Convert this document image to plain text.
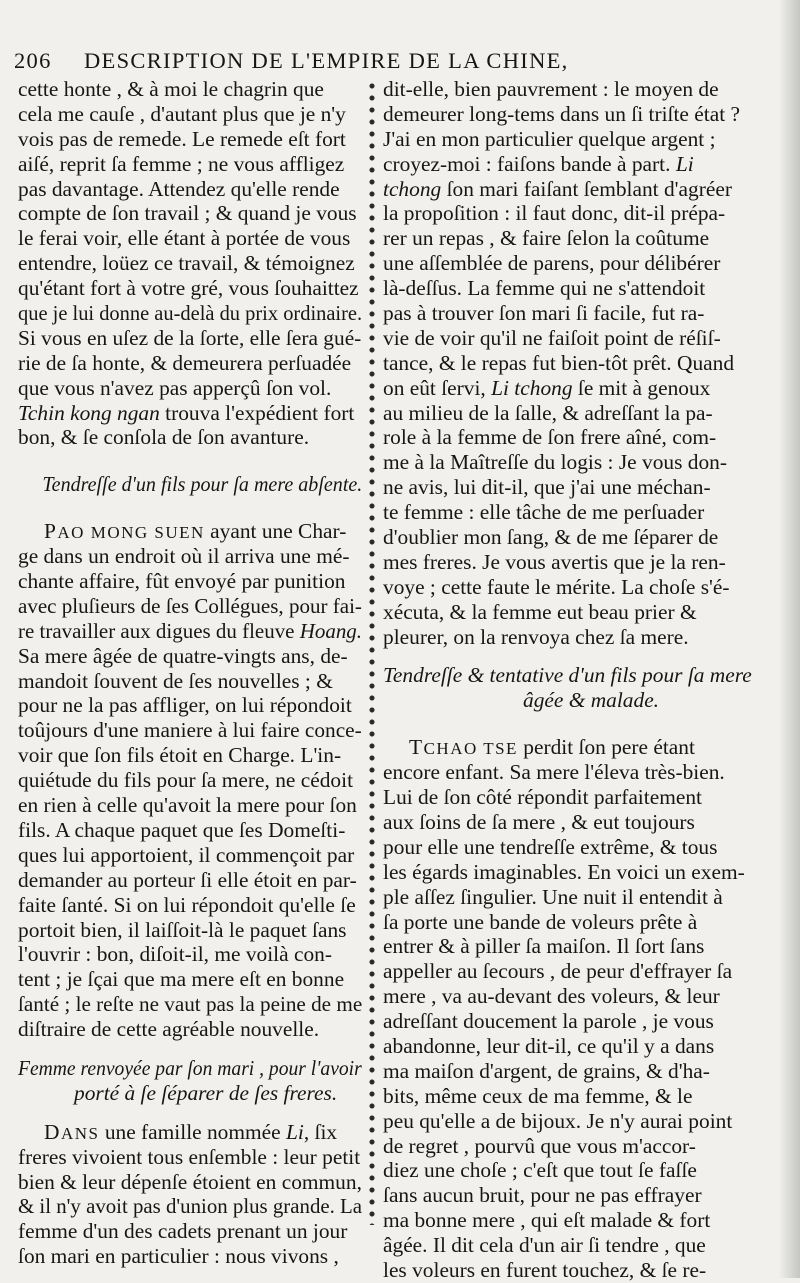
206 DESCRIPTION DE L'EMPIRE DE LA CHINE,
cette honte , & à moi le chagrin que
cela me cauſe , d'autant plus que je n'y
vois pas de remede. Le remede eſt fort
aiſé, reprit ſa femme ; ne vous affligez
pas davantage. Attendez qu'elle rende
compte de ſon travail ; & quand je vous
le ferai voir, elle étant à portée de vous
entendre, loüez ce travail, & témoignez
qu'étant fort à votre gré, vous ſouhaittez
que je lui donne au-delà du prix ordinaire.
Si vous en uſez de la ſorte, elle ſera gué-
rie de ſa honte, & demeurera perſuadée
que vous n'avez pas apperçû ſon vol.
Tchin kong ngan trouva l'expédient fort
bon, & ſe conſola de ſon avanture.
Tendreſſe d'un fils pour ſa mere abſente.
PAO MONG SUEN ayant une Char-
ge dans un endroit où il arriva une mé-
chante affaire, fût envoyé par punition
avec pluſieurs de ſes Collégues, pour fai-
re travailler aux digues du fleuve Hoang.
Sa mere âgée de quatre-vingts ans, de-
mandoit ſouvent de ſes nouvelles ; &
pour ne la pas affliger, on lui répondoit
toûjours d'une maniere à lui faire conce-
voir que ſon fils étoit en Charge. L'in-
quiétude du fils pour ſa mere, ne cédoit
en rien à celle qu'avoit la mere pour ſon
fils. A chaque paquet que ſes Domeſti-
ques lui apportoient, il commençoit par
demander au porteur ſi elle étoit en par-
faite ſanté. Si on lui répondoit qu'elle ſe
portoit bien, il laiſſoit-là le paquet ſans
l'ouvrir : bon, diſoit-il, me voilà con-
tent ; je ſçai que ma mere eſt en bonne
ſanté ; le reſte ne vaut pas la peine de me
diſtraire de cette agréable nouvelle.
Femme renvoyée par ſon mari , pour l'avoir
porté à ſe ſéparer de ſes freres.
DANS une famille nommée Li, ſix
freres vivoient tous enſemble : leur petit
bien & leur dépenſe étoient en commun,
& il n'y avoit pas d'union plus grande. La
femme d'un des cadets prenant un jour
ſon mari en particulier : nous vivons ,
dit-elle, bien pauvrement : le moyen de
demeurer long-tems dans un ſi triſte état ?
J'ai en mon particulier quelque argent ;
croyez-moi : faiſons bande à part. Li
tchong ſon mari faiſant ſemblant d'agréer
la propoſition : il faut donc, dit-il prépa-
rer un repas , & faire ſelon la coûtume
une aſſemblée de parens, pour délibérer
là-deſſus. La femme qui ne s'attendoit
pas à trouver ſon mari ſi facile, fut ra-
vie de voir qu'il ne faiſoit point de réſiſ-
tance, & le repas fut bien-tôt prêt. Quand
on eût ſervi, Li tchong ſe mit à genoux
au milieu de la ſalle, & adreſſant la pa-
role à la femme de ſon frere aîné, com-
me à la Maîtreſſe du logis : Je vous don-
ne avis, lui dit-il, que j'ai une méchan-
te femme : elle tâche de me perſuader
d'oublier mon ſang, & de me ſéparer de
mes freres. Je vous avertis que je la ren-
voye ; cette faute le mérite. La choſe s'é-
xécuta, & la femme eut beau prier &
pleurer, on la renvoya chez ſa mere.
Tendreſſe & tentative d'un fils pour ſa mere
âgée & malade.
TCHAO TSE perdit ſon pere étant
encore enfant. Sa mere l'éleva très-bien.
Lui de ſon côté répondit parfaitement
aux ſoins de ſa mere , & eut toujours
pour elle une tendreſſe extrême, & tous
les égards imaginables. En voici un exem-
ple aſſez ſingulier. Une nuit il entendit à
ſa porte une bande de voleurs prête à
entrer & à piller ſa maiſon. Il ſort ſans
appeller au ſecours , de peur d'effrayer ſa
mere , va au-devant des voleurs, & leur
adreſſant doucement la parole , je vous
abandonne, leur dit-il, ce qu'il y a dans
ma maiſon d'argent, de grains, & d'ha-
bits, même ceux de ma femme, & le
peu qu'elle a de bijoux. Je n'y aurai point
de regret , pourvû que vous m'accor-
diez une choſe ; c'eſt que tout ſe faſſe
ſans aucun bruit, pour ne pas effrayer
ma bonne mere , qui eſt malade & fort
âgée. Il dit cela d'un air ſi tendre , que
les voleurs en furent touchez, & ſe re-
